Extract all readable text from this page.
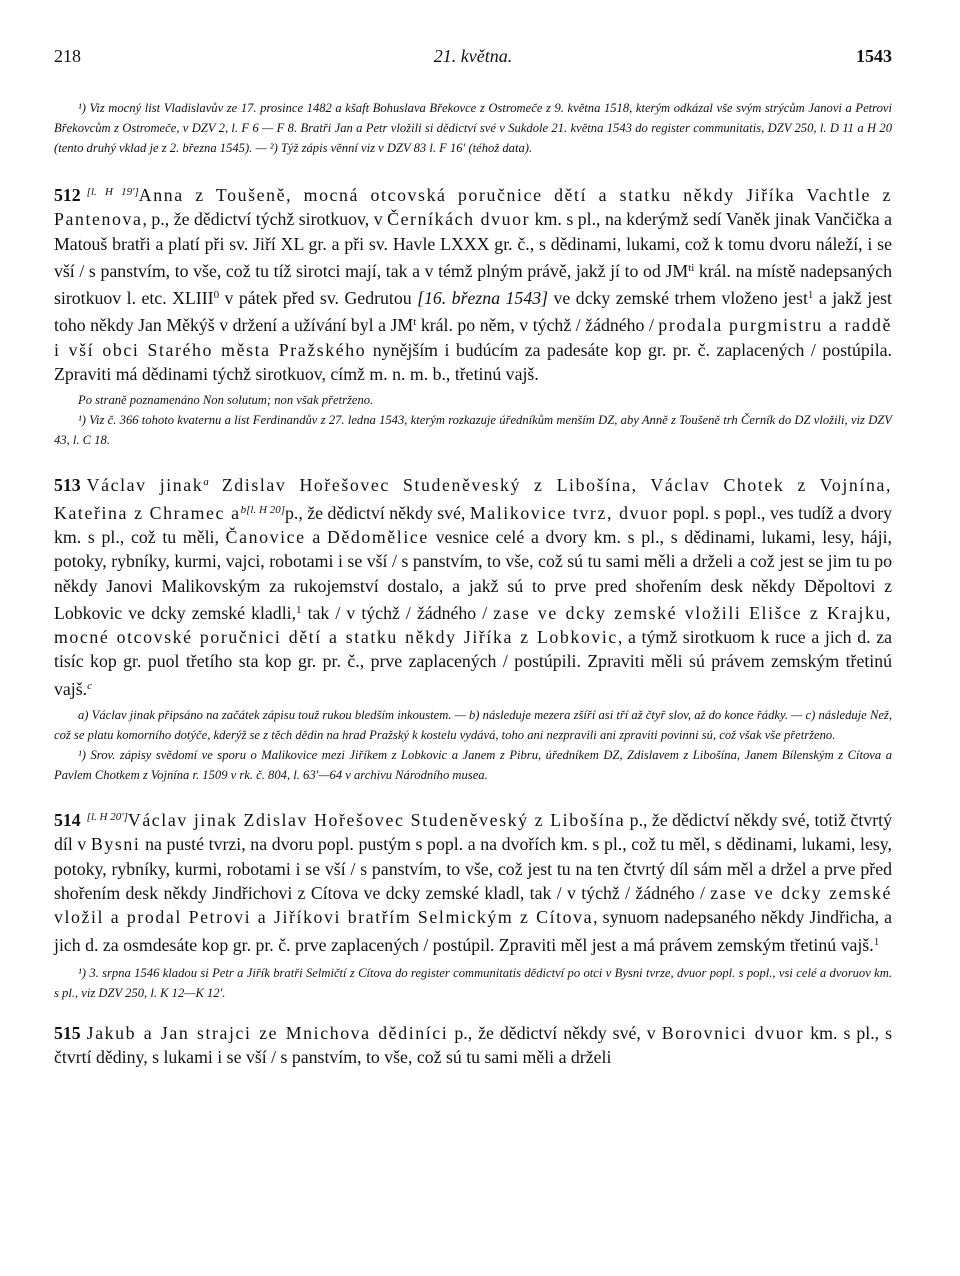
218	21. května.	1543

¹) Viz mocný list Vladislavův ze 17. prosince 1482 a kšaft Bohuslava Břekovce z Ostromeče z 9. května 1518, kterým odkázal vše svým strýcům Janovi a Petrovi Břekovcům z Ostromeče, v DZV 2, l. F 6 — F 8. Bratři Jan a Petr vložili si dědictví své v Sukdole 21. května 1543 do register communitatis, DZV 250, l. D 11 a H 20 (tento druhý vklad je z 2. března 1545). — ²) Týž zápis věnní viz v DZV 83 l. F 16' (téhož data).

512 [l. H 19']Anna z Toušeně, mocná otcovská poručnice dětí a statku někdy Jiříka Vachtle z Pantenova, p., že dědictví týchž sirotkuov, v Černíkách dvuor km. s pl., na kderýmž sedí Vaněk jinak Vančička a Matouš bratři a platí při sv. Jiří XL gr. a při sv. Havle LXXX gr. č., s dědinami, lukami, což k tomu dvoru náleží, i se vší / s panstvím, to vše, což tu tíž sirotci mají, tak a v témž plným právě, jakž jí to od $JM^{ti}$ král. na místě nadepsaných sirotkuov l. etc. XLIII$^0$ v pátek před sv. Gedrutou [16. března 1543] ve dcky zemské trhem vloženo jest$^1$ a jakž jest toho někdy Jan Měkýš v držení a užívání byl a $JM^t$ král. po něm, v týchž / žádného / prodala purgmistru a raddě i vší obci Starého města Pražského nynějším i budúcím za padesáte kop gr. pr. č. zaplacených / postúpila. Zpraviti má dědinami týchž sirotkuov, címž m. n. m. b., třetinú vajš.

Po straně poznamenáno Non solutum; non však přetrženo.

¹) Viz č. 366 tohoto kvaternu a list Ferdinandův z 27. ledna 1543, kterým rozkazuje úředníkům menším DZ, aby Anně z Toušeně trh Černík do DZ vložili, viz DZV 43, l. C 18.

513 Václav jinak$^a$ Zdislav Hořešovec Studeněveský z Libošína, Václav Chotek z Vojnína, Kateřina z Chramec a$^{b[l. H 20]}$p., že dědictví někdy své, Malikovice tvrz, dvuor popl. s popl., ves tudíž a dvory km. s pl., což tu měli, Čanovice a Dědomělice vesnice celé a dvory km. s pl., s dědinami, lukami, lesy, háji, potoky, rybníky, kurmi, vajci, robotami i se vší / s panstvím, to vše, což sú tu sami měli a drželi a což jest se jim tu po někdy Janovi Malikovským za rukojemství dostalo, a jakž sú to prve pred shořením desk někdy Děpoltovi z Lobkovic ve dcky zemské kladli,$^1$ tak / v týchž / žádného / zase ve dcky zemské vložili Elišce z Krajku, mocné otcovské poručnici dětí a statku někdy Jiříka z Lobkovic, a týmž sirotkuom k ruce a jich d. za tisíc kop gr. puol třetího sta kop gr. pr. č., prve zaplacených / postúpili. Zpraviti měli sú právem zemským třetinú vajš.$^c$

a) Václav jinak připsáno na začátek zápisu touž rukou bledším inkoustem. — b) následuje mezera zšíří asi tří až čtyř slov, až do konce řádky. — c) následuje Než, což se platu komorního dotýče, kderýž se z těch dědin na hrad Pražský k kostelu vydává, toho ani nezpravili ani zpraviti povinni sú, což však vše přetrženo.

¹) Srov. zápisy svědomí ve sporu o Malikovice mezi Jiříkem z Lobkovic a Janem z Pibru, úředníkem DZ, Zdislavem z Libošína, Janem Bílenským z Cítova a Pavlem Chotkem z Vojnína r. 1509 v rk. č. 804, l. 63'—64 v archivu Národního musea.

514 [l. H 20']Václav jinak Zdislav Hořešovec Studeněveský z Libošína p., že dědictví někdy své, totiž čtvrtý díl v Bysni na pusté tvrzi, na dvoru popl. pustým s popl. a na dvořích km. s pl., což tu měl, s dědinami, lukami, lesy, potoky, rybníky, kurmi, robotami i se vší / s panstvím, to vše, což jest tu na ten čtvrtý díl sám měl a držel a prve před shořením desk někdy Jindřichovi z Cítova ve dcky zemské kladl, tak / v týchž / žádného / zase ve dcky zemské vložil a prodal Petrovi a Jiříkovi bratřím Selmickým z Cítova, synuom nadepsaného někdy Jindřicha, a jich d. za osmdesáte kop gr. pr. č. prve zaplacených / postúpil. Zpraviti měl jest a má právem zemským třetinú vajš.$^1$

¹) 3. srpna 1546 kladou si Petr a Jiřík bratři Selmičtí z Cítova do register communitatis dědictví po otci v Bysni tvrze, dvuor popl. s popl., vsi celé a dvoruov km. s pl., viz DZV 250, l. K 12—K 12'.

515 Jakub a Jan strajci ze Mnichova dědiníci p., že dědictví někdy své, v Borovnici dvuor km. s pl., s čtvrtí dědiny, s lukami i se vší / s panstvím, to vše, což sú tu sami měli a drželi
